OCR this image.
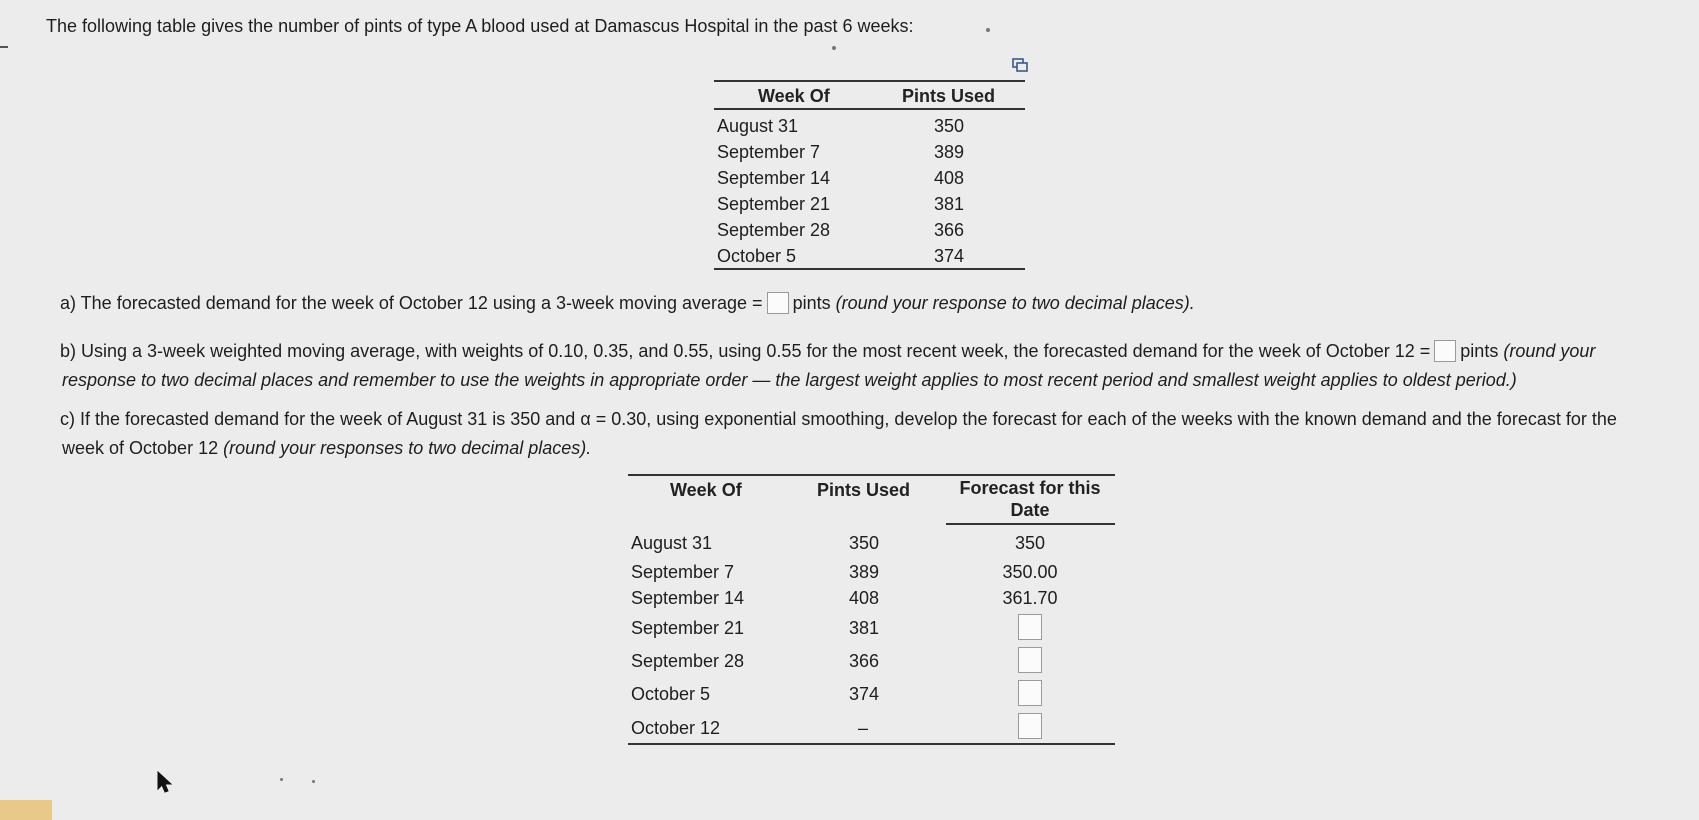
The following table gives the number of pints of type A blood used at Damascus Hospital in the past 6 weeks:
Week Of	Pints Used
August 31	350
September 7	389
September 14	408
September 21	381
September 28	366
October 5	374
a) The forecasted demand for the week of October 12 using a 3-week moving average = pints (round your response to two decimal places).
b) Using a 3-week weighted moving average, with weights of 0.10, 0.35, and 0.55, using 0.55 for the most recent week, the forecasted demand for the week of October 12 = pints (round your
response to two decimal places and remember to use the weights in appropriate order — the largest weight applies to most recent period and smallest weight applies to oldest period.)
c) If the forecasted demand for the week of August 31 is 350 and α = 0.30, using exponential smoothing, develop the forecast for each of the weeks with the known demand and the forecast for the
week of October 12 (round your responses to two decimal places).
Week Of	Pints Used	Forecast for this
Date
August 31	350	350
September 7	389	350.00
September 14	408	361.70
September 21	381
September 28	366
October 5	374
October 12	–
